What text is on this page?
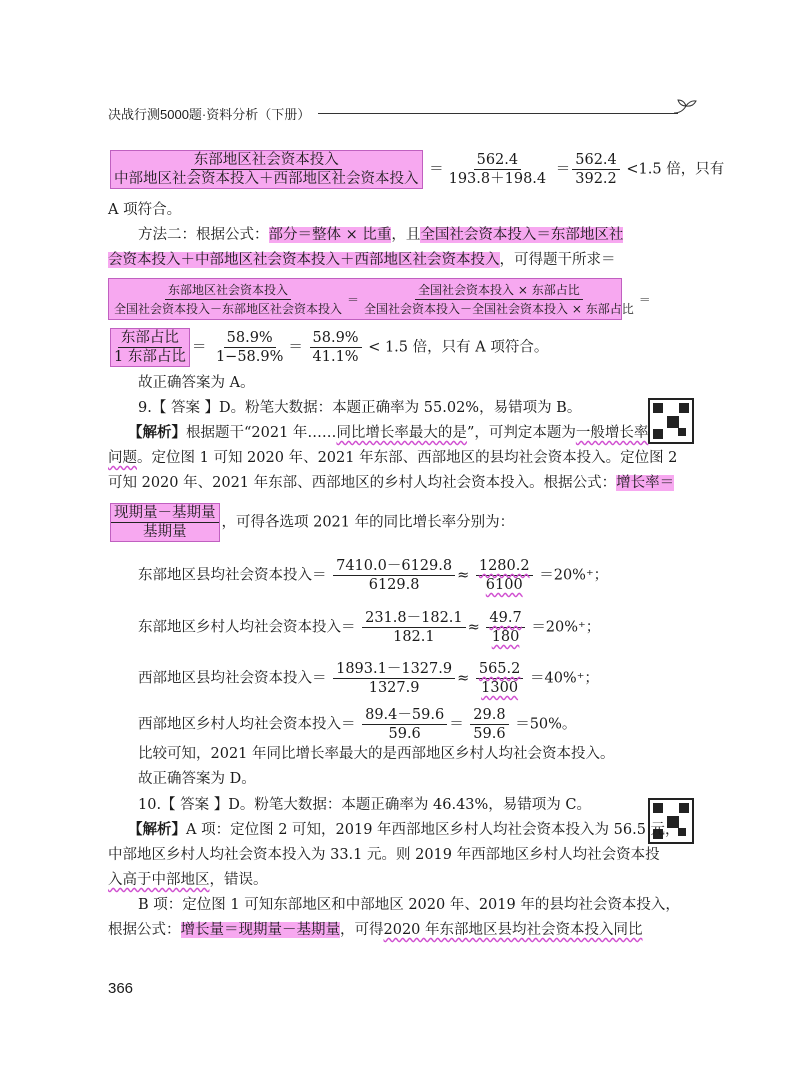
决战行测5000题·资料分析（下册）
$\frac{\text{东部地区社会资本投入}}{\text{中部地区社会资本投入＋西部地区社会资本投入}} = \frac{562.4}{193.8+198.4} = \frac{562.4}{392.2} <1.5$ 倍，只有
A 项符合。
方法二：根据公式：部分＝整体 × 比重，且全国社会资本投入＝东部地区社
会资本投入＋中部地区社会资本投入＋西部地区社会资本投入，可得题干所求＝
$\frac{\text{东部地区社会资本投入}}{\text{全国社会资本投入－东部地区社会资本投入}} = \frac{\text{全国社会资本投入 × 东部占比}}{\text{全国社会资本投入－全国社会资本投入 × 东部占比}}$ ＝
$\frac{\text{东部占比}}{\text{1 东部占比}} = \frac{58.9\%}{1-58.9\%} = \frac{58.9\%}{41.1\%} < 1.5$ 倍，只有 A 项符合。
故正确答案为 A。
9.【 答案 】D。粉笔大数据：本题正确率为 55.02%，易错项为 B。
【解析】根据题干“2021 年……同比增长率最大的是”，可判定本题为一般增长率
问题。定位图 1 可知 2020 年、2021 年东部、西部地区的县均社会资本投入。定位图 2
可知 2020 年、2021 年东部、西部地区的乡村人均社会资本投入。根据公式：增长率＝
$\frac{\text{现期量－基期量}}{\text{基期量}}$ ，可得各选项 2021 年的同比增长率分别为：
东部地区县均社会资本投入＝ $\frac{7410.0-6129.8}{6129.8} \approx \frac{1280.2}{6100} =20\%^+$；
东部地区乡村人均社会资本投入＝ $\frac{231.8-182.1}{182.1} \approx \frac{49.7}{180} =20\%^+$；
西部地区县均社会资本投入＝ $\frac{1893.1-1327.9}{1327.9} \approx \frac{565.2}{1300} =40\%^+$；
西部地区乡村人均社会资本投入＝ $\frac{89.4-59.6}{59.6} = \frac{29.8}{59.6} =50\%$。
比较可知，2021 年同比增长率最大的是西部地区乡村人均社会资本投入。
故正确答案为 D。
10.【 答案 】D。粉笔大数据：本题正确率为 46.43%，易错项为 C。
【解析】A 项：定位图 2 可知，2019 年西部地区乡村人均社会资本投入为 56.5 元，
中部地区乡村人均社会资本投入为 33.1 元。则 2019 年西部地区乡村人均社会资本投
入高于中部地区，错误。
B 项：定位图 1 可知东部地区和中部地区 2020 年、2019 年的县均社会资本投入，
根据公式：增长量＝现期量－基期量，可得2020 年东部地区县均社会资本投入同比
366
